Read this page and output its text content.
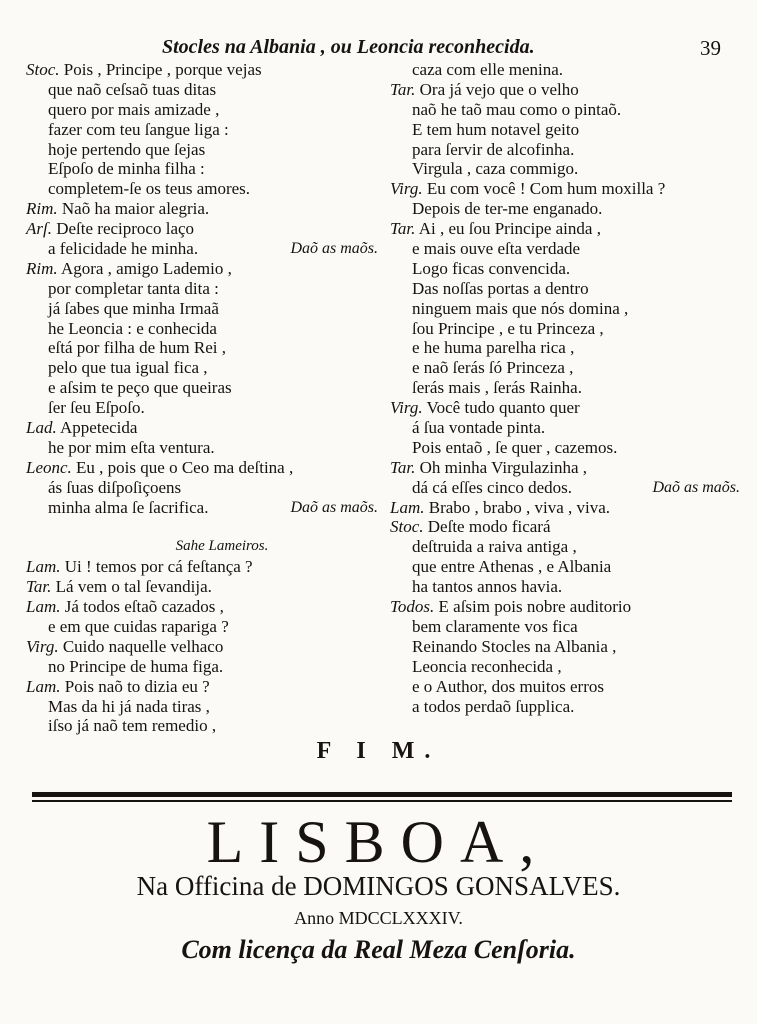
Stocles na Albania , ou Leoncia reconhecida.	39
Stoc. Pois , Principe , porque vejas
que naõ ceſsaõ tuas ditas
quero por mais amizade ,
fazer com teu ſangue liga :
hoje pertendo que ſejas
Eſpoſo de minha filha :
completem-ſe os teus amores.
Rim. Naõ ha maior alegria.
Arſ. Deſte reciproco laço
a felicidade he minha.	Daõ as maõs.
Rim. Agora , amigo Lademio ,
por completar tanta dita :
já ſabes que minha Irmaã
he Leoncia : e conhecida
eſtá por filha de hum Rei ,
pelo que tua igual fica ,
e aſsim te peço que queiras
ſer ſeu Eſpoſo.
Lad. Appetecida
he por mim eſta ventura.
Leonc. Eu , pois que o Ceo ma deſtina ,
ás ſuas diſpoſiçoens
minha alma ſe ſacrifica.	Daõ as maõs.
Sahe Lameiros.
Lam. Ui ! temos por cá feſtança ?
Tar. Lá vem o tal ſevandija.
Lam. Já todos eſtaõ cazados ,
e em que cuidas rapariga ?
Virg. Cuido naquelle velhaco
no Principe de huma figa.
Lam. Pois naõ to dizia eu ?
Mas da hi já nada tiras ,
iſso já naõ tem remedio ,
caza com elle menina.
Tar. Ora já vejo que o velho
naõ he taõ mau como o pintaõ.
E tem hum notavel geito
para ſervir de alcofinha.
Virgula , caza commigo.
Virg. Eu com você ! Com hum moxilla ?
Depois de ter-me enganado.
Tar. Ai , eu ſou Principe ainda ,
e mais ouve eſta verdade
Logo ficas convencida.
Das noſſas portas a dentro
ninguem mais que nós domina ,
ſou Principe , e tu Princeza ,
e he huma parelha rica ,
e naõ ſerás ſó Princeza ,
ſerás mais , ſerás Rainha.
Virg. Você tudo quanto quer
á ſua vontade pinta.
Pois entaõ , ſe quer , cazemos.
Tar. Oh minha Virgulazinha ,
dá cá eſſes cinco dedos.	Daõ as maõs.
Lam. Brabo , brabo , viva , viva.
Stoc. Deſte modo ficará
deſtruida a raiva antiga ,
que entre Athenas , e Albania
ha tantos annos havia.
Todos. E aſsim pois nobre auditorio
bem claramente vos fica
Reinando Stocles na Albania ,
Leoncia reconhecida ,
e o Author, dos muitos erros
a todos perdaõ ſupplica.
F I M.
LISBOA,
Na Officina de DOMINGOS GONSALVES.
Anno MDCCLXXXIV.
Com licença da Real Meza Cenſoria.
